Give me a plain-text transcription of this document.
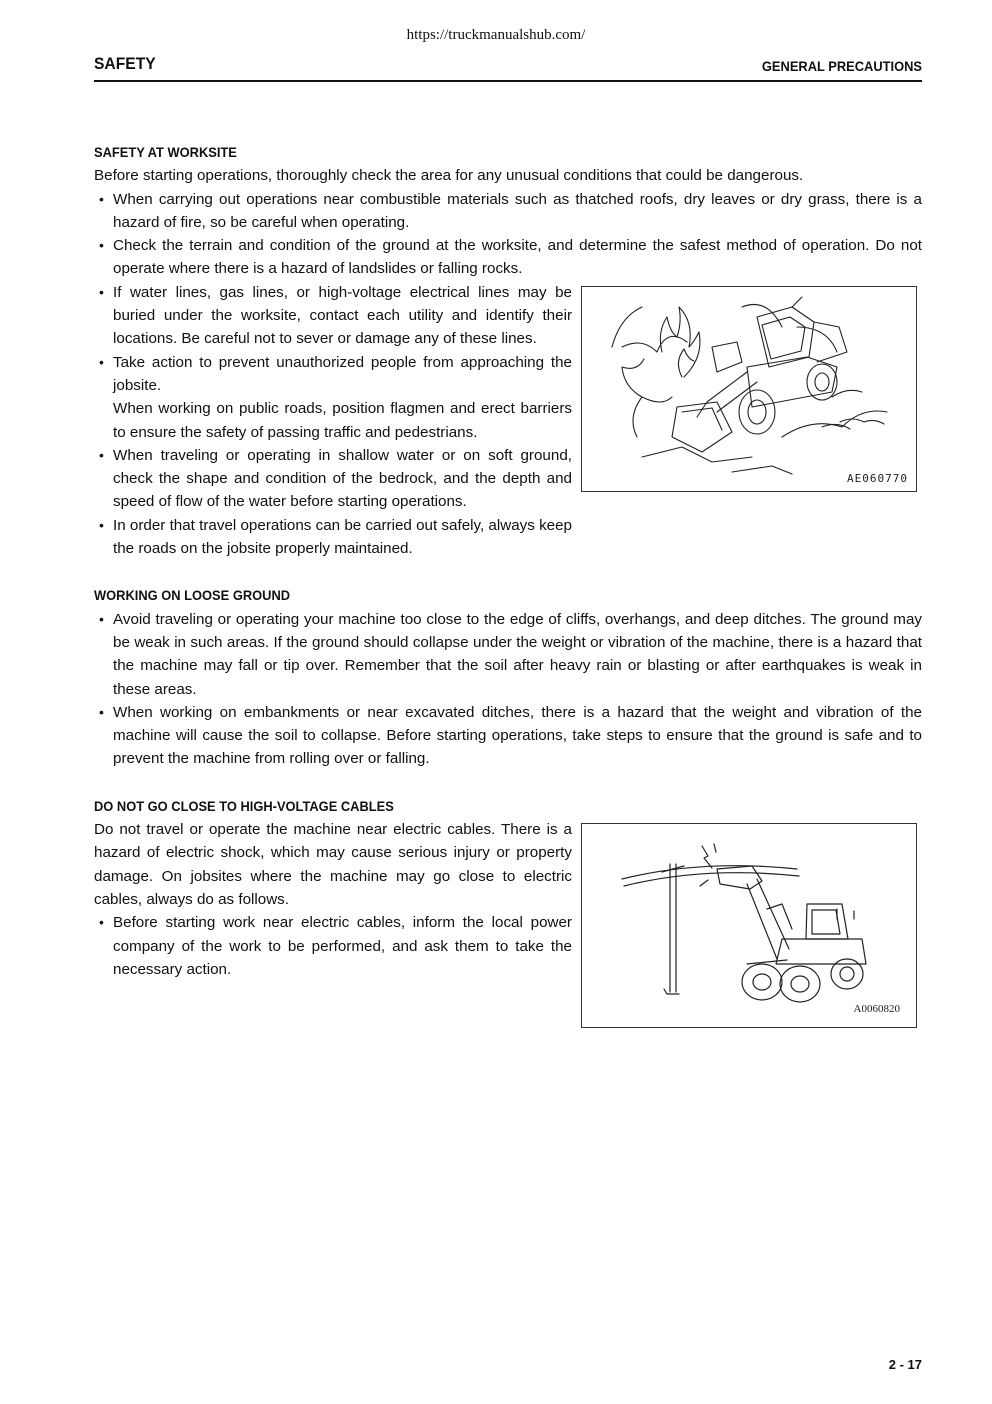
https://truckmanualshub.com/
SAFETY	GENERAL PRECAUTIONS
SAFETY AT WORKSITE

Before starting operations, thoroughly check the area for any unusual conditions that could be dangerous.

• When carrying out operations near combustible materials such as thatched roofs, dry leaves or dry grass, there is a hazard of fire, so be careful when operating.
• Check the terrain and condition of the ground at the worksite, and determine the safest method of operation. Do not operate where there is a hazard of landslides or falling rocks.
• If water lines, gas lines, or high-voltage electrical lines may be buried under the worksite, contact each utility and identify their locations. Be careful not to sever or damage any of these lines.
• Take action to prevent unauthorized people from approaching the jobsite.

When working on public roads, position flagmen and erect barriers to ensure the safety of passing traffic and pedestrians.

• When traveling or operating in shallow water or on soft ground, check the shape and condition of the bedrock, and the depth and speed of flow of the water before starting operations.
• In order that travel operations can be carried out safely, always keep the roads on the jobsite properly maintained.
WORKING ON LOOSE GROUND
• Avoid traveling or operating your machine too close to the edge of cliffs, overhangs, and deep ditches. The ground may be weak in such areas. If the ground should collapse under the weight or vibration of the machine, there is a hazard that the machine may fall or tip over. Remember that the soil after heavy rain or blasting or after earthquakes is weak in these areas.
• When working on embankments or near excavated ditches, there is a hazard that the weight and vibration of the machine will cause the soil to collapse. Before starting operations, take steps to ensure that the ground is safe and to prevent the machine from rolling over or falling.
DO NOT GO CLOSE TO HIGH-VOLTAGE CABLES

Do not travel or operate the machine near electric cables. There is a hazard of electric shock, which may cause serious injury or property damage. On jobsites where the machine may go close to electric cables, always do as follows.

• Before starting work near electric cables, inform the local power company of the work to be performed, and ask them to take the necessary action.
AE060770
A0060820
2 - 17
